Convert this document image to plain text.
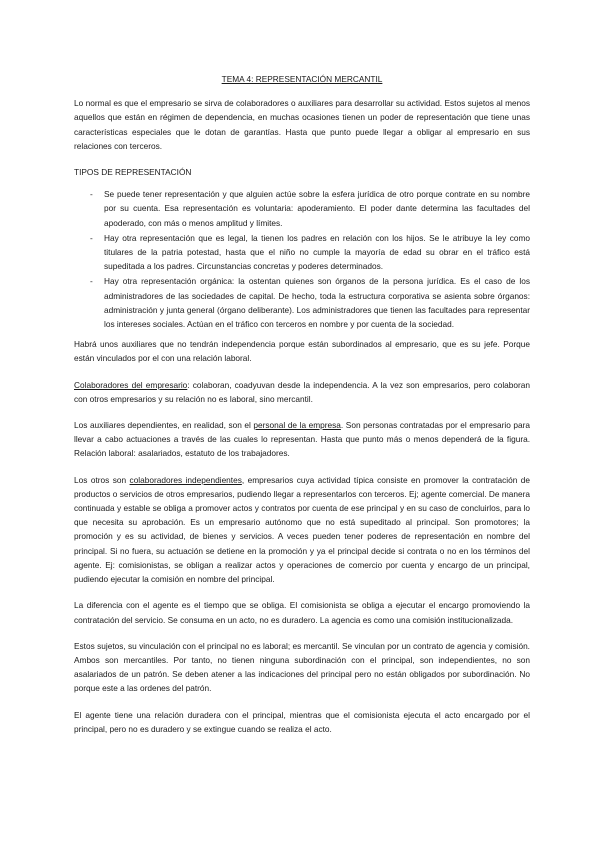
TEMA 4: REPRESENTACIÓN MERCANTIL

Lo normal es que el empresario se sirva de colaboradores o auxiliares para desarrollar su actividad. Estos sujetos al menos aquellos que están en régimen de dependencia, en muchas ocasiones tienen un poder de representación que tiene unas características especiales que le dotan de garantías. Hasta que punto puede llegar a obligar al empresario en sus relaciones con terceros.

TIPOS DE REPRESENTACIÓN
- Se puede tener representación y que alguien actúe sobre la esfera jurídica de otro porque contrate en su nombre por su cuenta. Esa representación es voluntaria: apoderamiento. El poder dante determina las facultades del apoderado, con más o menos amplitud y límites.
- Hay otra representación que es legal, la tienen los padres en relación con los hijos. Se le atribuye la ley como titulares de la patria potestad, hasta que el niño no cumple la mayoría de edad su obrar en el tráfico está supeditada a los padres. Circunstancias concretas y poderes determinados.
- Hay otra representación orgánica: la ostentan quienes son órganos de la persona jurídica. Es el caso de los administradores de las sociedades de capital. De hecho, toda la estructura corporativa se asienta sobre órganos: administración y junta general (órgano deliberante). Los administradores que tienen las facultades para representar los intereses sociales. Actúan en el tráfico con terceros en nombre y por cuenta de la sociedad.

Habrá unos auxiliares que no tendrán independencia porque están subordinados al empresario, que es su jefe. Porque están vinculados por el con una relación laboral.

Colaboradores del empresario: colaboran, coadyuvan desde la independencia. A la vez son empresarios, pero colaboran con otros empresarios y su relación no es laboral, sino mercantil.

Los auxiliares dependientes, en realidad, son el personal de la empresa. Son personas contratadas por el empresario para llevar a cabo actuaciones a través de las cuales lo representan. Hasta que punto más o menos dependerá de la figura. Relación laboral: asalariados, estatuto de los trabajadores.

Los otros son colaboradores independientes, empresarios cuya actividad típica consiste en promover la contratación de productos o servicios de otros empresarios, pudiendo llegar a representarlos con terceros. Ej; agente comercial. De manera continuada y estable se obliga a promover actos y contratos por cuenta de ese principal y en su caso de concluirlos, para lo que necesita su aprobación. Es un empresario autónomo que no está supeditado al principal. Son promotores; la promoción y es su actividad, de bienes y servicios. A veces pueden tener poderes de representación en nombre del principal. Si no fuera, su actuación se detiene en la promoción y ya el principal decide si contrata o no en los términos del agente. Ej: comisionistas, se obligan a realizar actos y operaciones de comercio por cuenta y encargo de un principal, pudiendo ejecutar la comisión en nombre del principal.

La diferencia con el agente es el tiempo que se obliga. El comisionista se obliga a ejecutar el encargo promoviendo la contratación del servicio. Se consuma en un acto, no es duradero. La agencia es como una comisión institucionalizada.

Estos sujetos, su vinculación con el principal no es laboral; es mercantil. Se vinculan por un contrato de agencia y comisión. Ambos son mercantiles. Por tanto, no tienen ninguna subordinación con el principal, son independientes, no son asalariados de un patrón. Se deben atener a las indicaciones del principal pero no están obligados por subordinación. No porque este a las ordenes del patrón.

El agente tiene una relación duradera con el principal, mientras que el comisionista ejecuta el acto encargado por el principal, pero no es duradero y se extingue cuando se realiza el acto.
